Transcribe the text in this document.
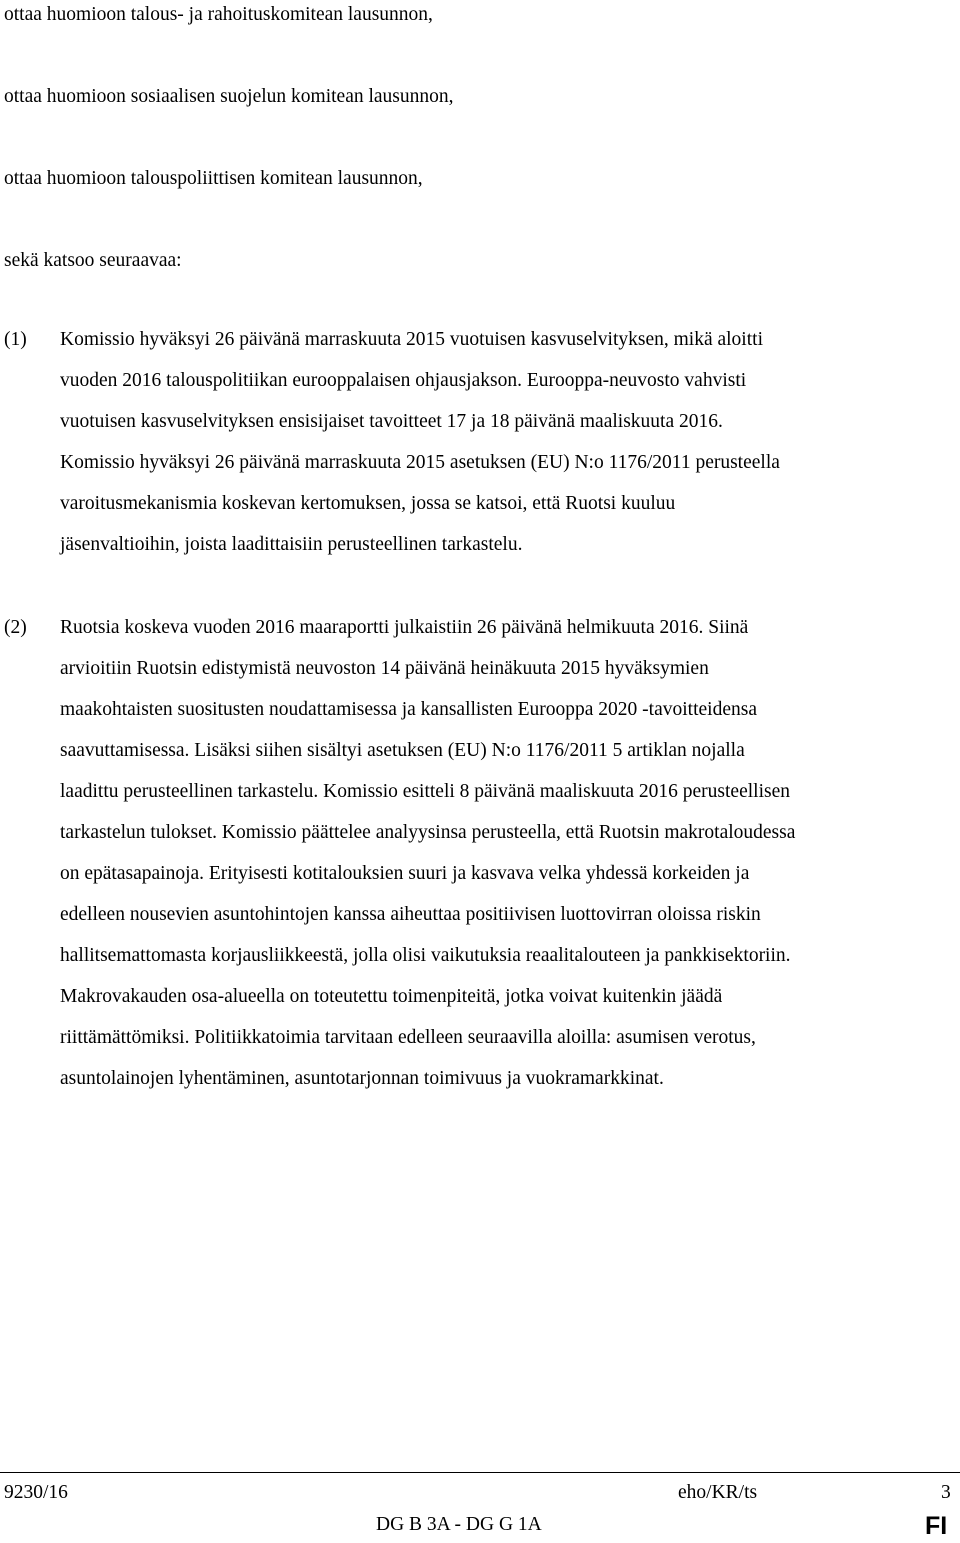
ottaa huomioon talous- ja rahoituskomitean lausunnon,
ottaa huomioon sosiaalisen suojelun komitean lausunnon,
ottaa huomioon talouspoliittisen komitean lausunnon,
sekä katsoo seuraavaa:
(1) Komissio hyväksyi 26 päivänä marraskuuta 2015 vuotuisen kasvuselvityksen, mikä aloitti
vuoden 2016 talouspolitiikan eurooppalaisen ohjausjakson. Eurooppa-neuvosto vahvisti
vuotuisen kasvuselvityksen ensisijaiset tavoitteet 17 ja 18 päivänä maaliskuuta 2016.
Komissio hyväksyi 26 päivänä marraskuuta 2015 asetuksen (EU) N:o 1176/2011 perusteella
varoitusmekanismia koskevan kertomuksen, jossa se katsoi, että Ruotsi kuuluu
jäsenvaltioihin, joista laadittaisiin perusteellinen tarkastelu.
(2) Ruotsia koskeva vuoden 2016 maaraportti julkaistiin 26 päivänä helmikuuta 2016. Siinä
arvioitiin Ruotsin edistymistä neuvoston 14 päivänä heinäkuuta 2015 hyväksymien
maakohtaisten suositusten noudattamisessa ja kansallisten Eurooppa 2020 -tavoitteidensa
saavuttamisessa. Lisäksi siihen sisältyi asetuksen (EU) N:o 1176/2011 5 artiklan nojalla
laadittu perusteellinen tarkastelu. Komissio esitteli 8 päivänä maaliskuuta 2016 perusteellisen
tarkastelun tulokset. Komissio päättelee analyysinsa perusteella, että Ruotsin makrotaloudessa
on epätasapainoja. Erityisesti kotitalouksien suuri ja kasvava velka yhdessä korkeiden ja
edelleen nousevien asuntohintojen kanssa aiheuttaa positiivisen luottovirran oloissa riskin
hallitsemattomasta korjausliikkeestä, jolla olisi vaikutuksia reaalitalouteen ja pankkisektoriin.
Makrovakauden osa-alueella on toteutettu toimenpiteitä, jotka voivat kuitenkin jäädä
riittämättömiksi. Politiikkatoimia tarvitaan edelleen seuraavilla aloilla: asumisen verotus,
asuntolainojen lyhentäminen, asuntotarjonnan toimivuus ja vuokramarkkinat.
9230/16	eho/KR/ts	3
DG B 3A - DG G 1A	FI
